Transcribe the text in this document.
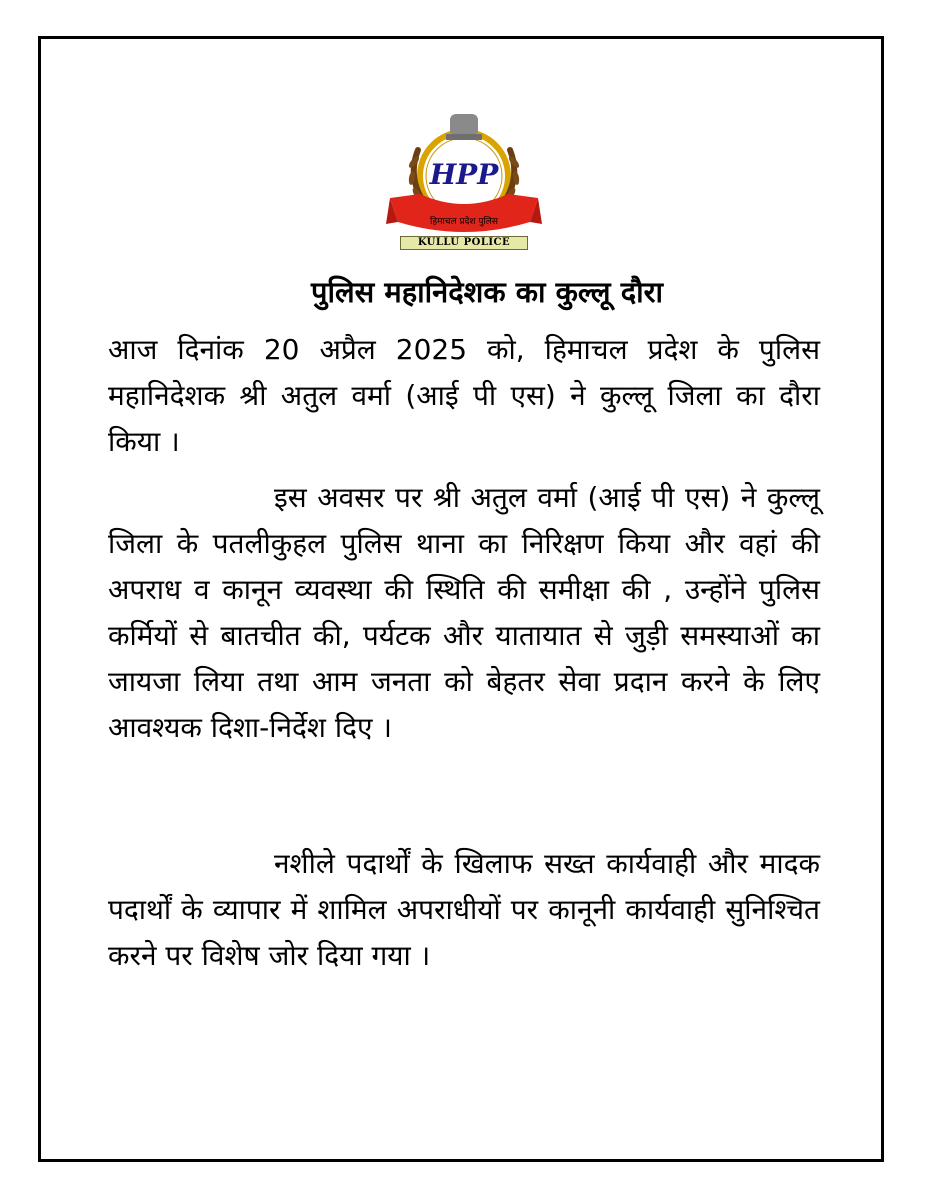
HPP
हिमाचल प्रदेश पुलिस
KULLU POLICE
पुलिस महानिदेशक का कुल्लू दौरा
आज दिनांक 20 अप्रैल 2025 को, हिमाचल प्रदेश के पुलिस महानिदेशक श्री अतुल वर्मा (आई पी एस) ने कुल्लू जिला का दौरा किया ।
इस अवसर पर श्री अतुल वर्मा (आई पी एस) ने कुल्लू जिला के पतलीकुहल पुलिस थाना का निरिक्षण किया और वहां की अपराध व कानून व्यवस्था की स्थिति की समीक्षा की , उन्होंने पुलिस कर्मियों से बातचीत की, पर्यटक और यातायात से जुड़ी समस्याओं का जायजा लिया तथा आम जनता को बेहतर सेवा प्रदान करने के लिए आवश्यक दिशा-निर्देश दिए ।
नशीले पदार्थों के खिलाफ सख्त कार्यवाही और मादक पदार्थों के व्यापार में शामिल अपराधीयों पर कानूनी कार्यवाही सुनिश्चित करने पर विशेष जोर दिया गया ।
